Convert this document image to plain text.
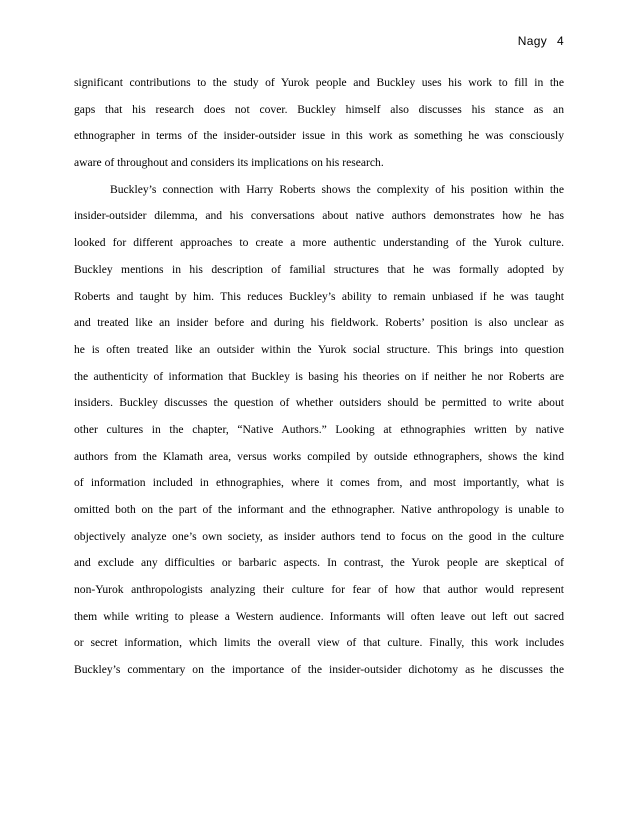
Nagy 4
significant contributions to the study of Yurok people and Buckley uses his work to fill in the
gaps that his research does not cover. Buckley himself also discusses his stance as an
ethnographer in terms of the insider-outsider issue in this work as something he was consciously
aware of throughout and considers its implications on his research.
Buckley’s connection with Harry Roberts shows the complexity of his position within the
insider-outsider dilemma, and his conversations about native authors demonstrates how he has
looked for different approaches to create a more authentic understanding of the Yurok culture.
Buckley mentions in his description of familial structures that he was formally adopted by
Roberts and taught by him. This reduces Buckley’s ability to remain unbiased if he was taught
and treated like an insider before and during his fieldwork. Roberts’ position is also unclear as
he is often treated like an outsider within the Yurok social structure. This brings into question
the authenticity of information that Buckley is basing his theories on if neither he nor Roberts are
insiders. Buckley discusses the question of whether outsiders should be permitted to write about
other cultures in the chapter, “Native Authors.” Looking at ethnographies written by native
authors from the Klamath area, versus works compiled by outside ethnographers, shows the kind
of information included in ethnographies, where it comes from, and most importantly, what is
omitted both on the part of the informant and the ethnographer. Native anthropology is unable to
objectively analyze one’s own society, as insider authors tend to focus on the good in the culture
and exclude any difficulties or barbaric aspects. In contrast, the Yurok people are skeptical of
non-Yurok anthropologists analyzing their culture for fear of how that author would represent
them while writing to please a Western audience. Informants will often leave out left out sacred
or secret information, which limits the overall view of that culture. Finally, this work includes
Buckley’s commentary on the importance of the insider-outsider dichotomy as he discusses the
